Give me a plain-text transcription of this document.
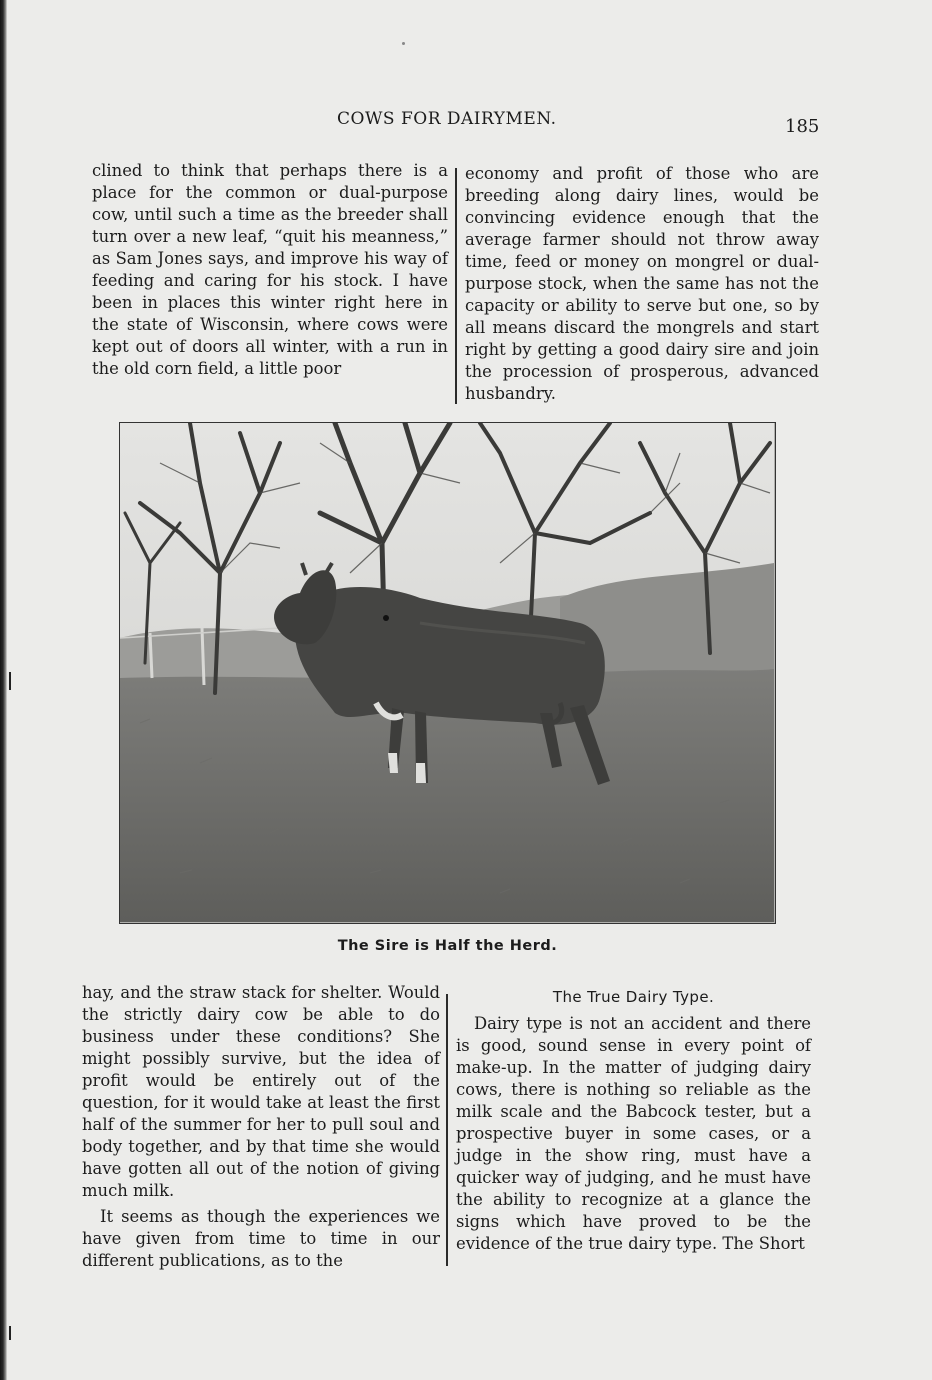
COWS FOR DAIRYMEN.	185

clined to think that perhaps there is a place for the common or dual-purpose cow, until such a time as the breeder shall turn over a new leaf, “quit his meanness,” as Sam Jones says, and improve his way of feeding and caring for his stock. I have been in places this winter right here in the state of Wisconsin, where cows were kept out of doors all winter, with a run in the old corn field, a little poor

economy and profit of those who are breeding along dairy lines, would be convincing evidence enough that the average farmer should not throw away time, feed or money on mongrel or dual-purpose stock, when the same has not the capacity or ability to serve but one, so by all means discard the mongrels and start right by getting a good dairy sire and join the procession of prosperous, advanced husbandry.

The Sire is Half the Herd.

hay, and the straw stack for shelter. Would the strictly dairy cow be able to do business under these conditions? She might possibly survive, but the idea of profit would be entirely out of the question, for it would take at least the first half of the summer for her to pull soul and body together, and by that time she would have gotten all out of the notion of giving much milk.

It seems as though the experiences we have given from time to time in our different publications, as to the

The True Dairy Type.

Dairy type is not an accident and there is good, sound sense in every point of make-up. In the matter of judging dairy cows, there is nothing so reliable as the milk scale and the Babcock tester, but a prospective buyer in some cases, or a judge in the show ring, must have a quicker way of judging, and he must have the ability to recognize at a glance the signs which have proved to be the evidence of the true dairy type. The Short
